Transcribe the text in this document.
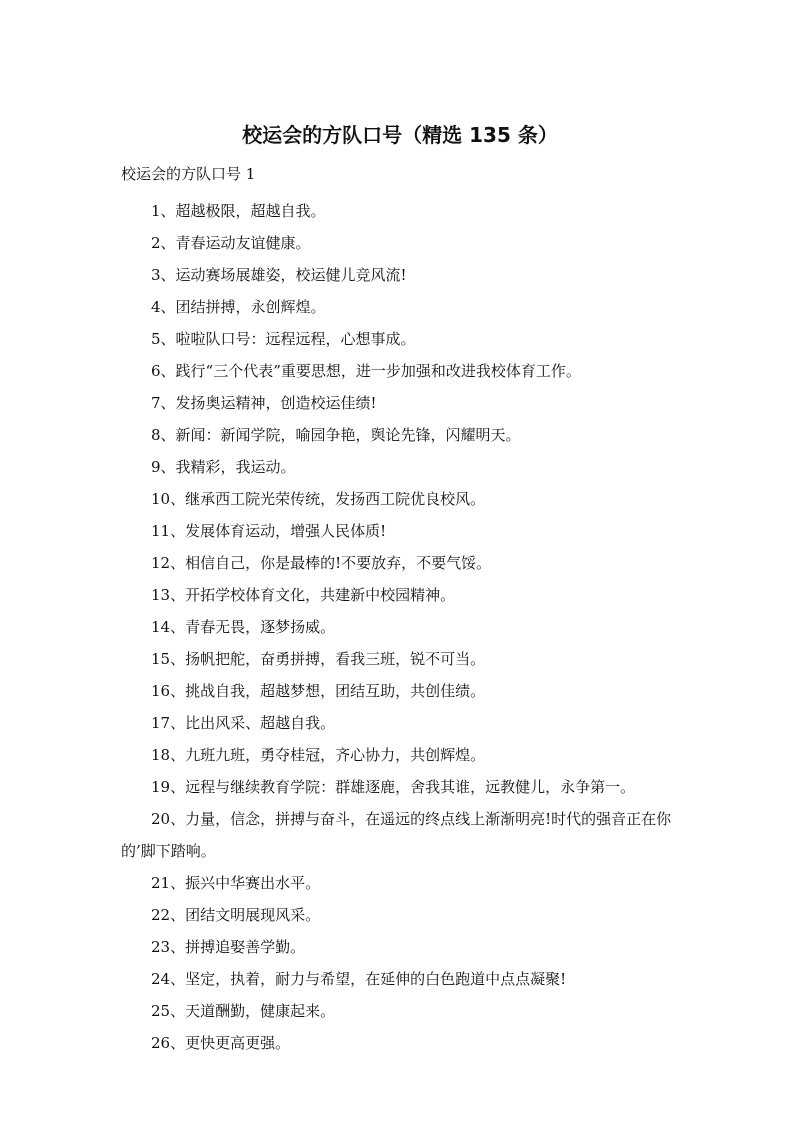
校运会的方队口号（精选 135 条）

校运会的方队口号 1

1、超越极限，超越自我。
2、青春运动友谊健康。
3、运动赛场展雄姿，校运健儿竞风流!
4、团结拼搏，永创辉煌。
5、啦啦队口号：远程远程，心想事成。
6、践行“三个代表”重要思想，进一步加强和改进我校体育工作。
7、发扬奥运精神，创造校运佳绩!
8、新闻：新闻学院，喻园争艳，舆论先锋，闪耀明天。
9、我精彩，我运动。
10、继承西工院光荣传统，发扬西工院优良校风。
11、发展体育运动，增强人民体质!
12、相信自己，你是最棒的!不要放弃，不要气馁。
13、开拓学校体育文化，共建新中校园精神。
14、青春无畏，逐梦扬威。
15、扬帆把舵，奋勇拼搏，看我三班，锐不可当。
16、挑战自我，超越梦想，团结互助，共创佳绩。
17、比出风采、超越自我。
18、九班九班，勇夺桂冠，齐心协力，共创辉煌。
19、远程与继续教育学院：群雄逐鹿，舍我其谁，远教健儿，永争第一。
20、力量，信念，拼搏与奋斗，在遥远的终点线上渐渐明亮!时代的强音正在你的’脚下踏响。
21、振兴中华赛出水平。
22、团结文明展现风采。
23、拼搏追娶善学勤。
24、坚定，执着，耐力与希望，在延伸的白色跑道中点点凝聚!
25、天道酬勤，健康起来。
26、更快更高更强。
